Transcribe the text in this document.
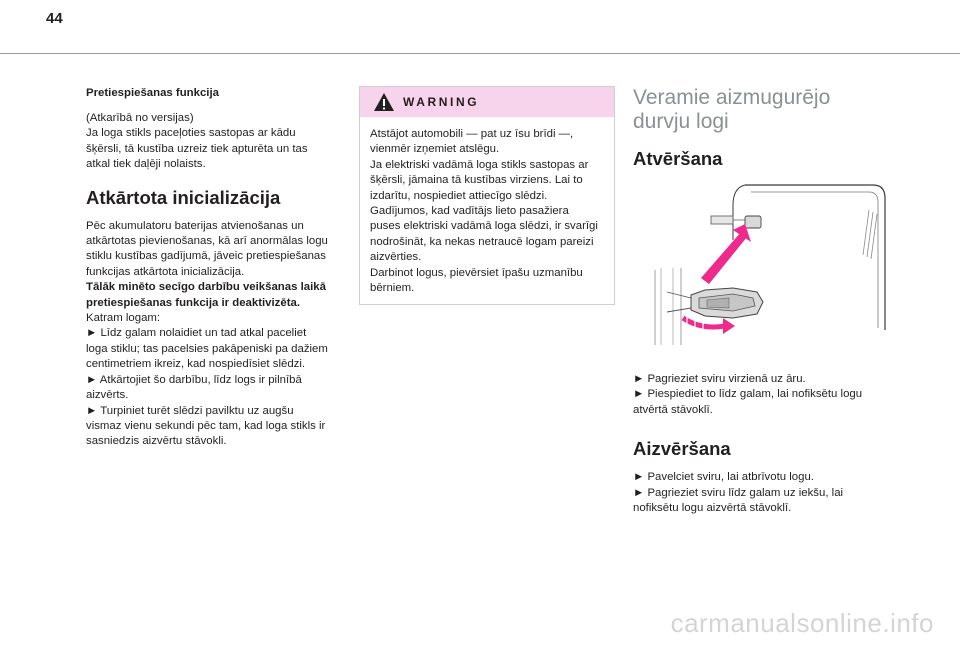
44

Pretiespiešanas funkcija

(Atkarībā no versijas)
Ja loga stikls paceļoties sastopas ar kādu
šķērsli, tā kustība uzreiz tiek apturēta un tas
atkal tiek daļēji nolaists.

Atkārtota inicializācija

Pēc akumulatoru baterijas atvienošanas un
atkārtotas pievienošanas, kā arī anormālas logu
stiklu kustības gadījumā, jāveic pretiespiešanas
funkcijas atkārtota inicializācija.
Tālāk minēto secīgo darbību veikšanas laikā
pretiespiešanas funkcija ir deaktivizēta.
Katram logam:
► Līdz galam nolaidiet un tad atkal paceliet
loga stiklu; tas pacelsies pakāpeniski pa dažiem
centimetriem ikreiz, kad nospiedīsiet slēdzi.
► Atkārtojiet šo darbību, līdz logs ir pilnībā
aizvērts.
► Turpiniet turēt slēdzi pavilktu uz augšu
vismaz vienu sekundi pēc tam, kad loga stikls ir
sasniedzis aizvērtu stāvokli.

WARNING

Atstājot automobili — pat uz īsu brīdi —,
vienmēr izņemiet atslēgu.
Ja elektriski vadāmā loga stikls sastopas ar
šķērsli, jāmaina tā kustības virziens. Lai to
izdarītu, nospiediet attiecīgo slēdzi.
Gadījumos, kad vadītājs lieto pasažiera
puses elektriski vadāmā loga slēdzi, ir svarīgi
nodrošināt, ka nekas netraucē logam pareizi
aizvērties.
Darbinot logus, pievērsiet īpašu uzmanību
bērniem.

Veramie aizmugurējo
durvju logi

Atvēršana

► Pagrieziet sviru virzienā uz āru.
► Piespiediet to līdz galam, lai nofiksētu logu
atvērtā stāvoklī.

Aizvēršana

► Pavelciet sviru, lai atbrīvotu logu.
► Pagrieziet sviru līdz galam uz iekšu, lai
nofiksētu logu aizvērtā stāvoklī.

carmanualsonline.info
